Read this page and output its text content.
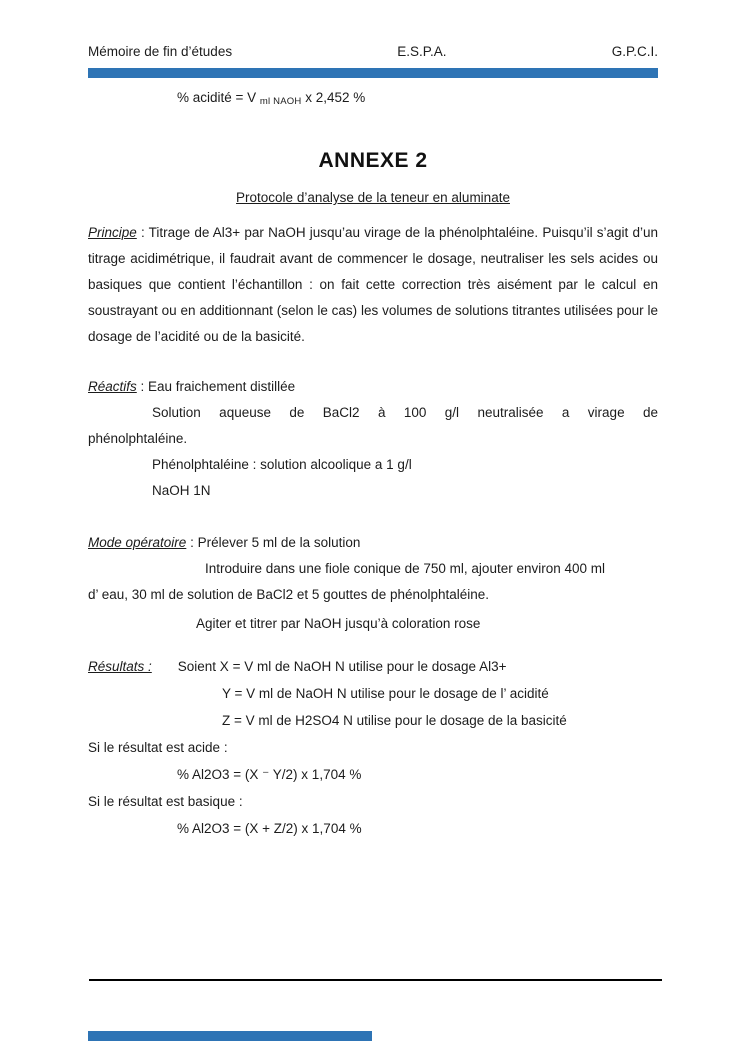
Mémoire de fin d’études	E.S.P.A.	G.P.C.I.
% acidité = V ml NAOH x 2,452 %
ANNEXE 2

Protocole d’analyse de la teneur en aluminate

Principe : Titrage de Al3+ par NaOH jusqu’au virage de la phénolphtaléine. Puisqu’il s’agit d’un titrage acidimétrique, il faudrait avant de commencer le dosage, neutraliser les sels acides ou basiques que contient l’échantillon : on fait cette correction très aisément par le calcul en soustrayant ou en additionnant (selon le cas) les volumes de solutions titrantes utilisées pour le dosage de l’acidité ou de la basicité.

Réactifs : Eau fraichement distillée

Solution aqueuse de BaCl2 à 100 g/l neutralisée a virage de

phénolphtaléine.

Phénolphtaléine : solution alcoolique a 1 g/l

NaOH 1N

Mode opératoire : Prélever 5 ml de la solution

Introduire dans une fiole conique de 750 ml, ajouter environ 400 ml

d’ eau, 30 ml de solution de BaCl2 et 5 gouttes de phénolphtaléine.

Agiter et titrer par NaOH jusqu’à coloration rose

Résultats : Soient X = V ml de NaOH N utilise pour le dosage Al3+

Y = V ml de NaOH N utilise pour le dosage de l’ acidité

Z = V ml de H2SO4 N utilise pour le dosage de la basicité

Si le résultat est acide :

% Al2O3 = (X ⁻ Y/2) x 1,704 %

Si le résultat est basique :

% Al2O3 = (X + Z/2) x 1,704 %
